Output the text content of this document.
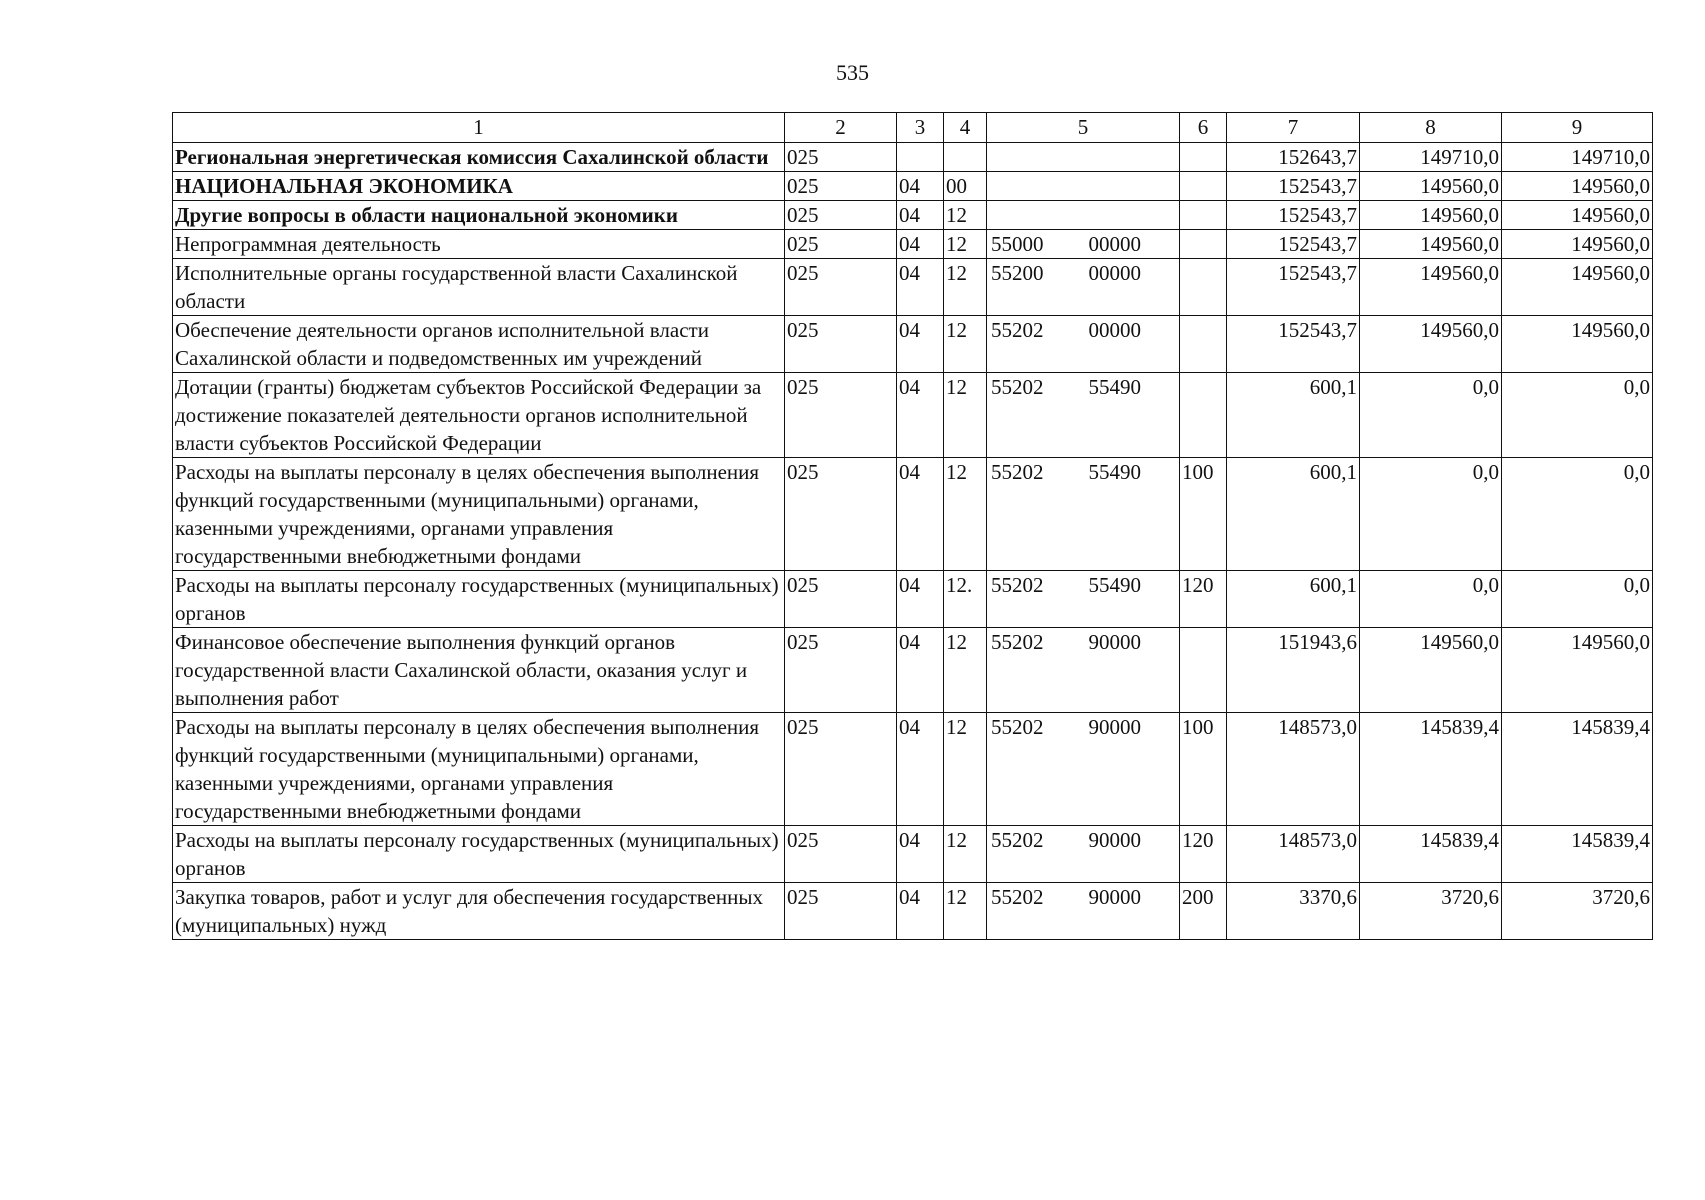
535
1	2	3	4	5	6	7	8	9
Региональная энергетическая комиссия Сахалинской области	025					152643,7	149710,0	149710,0
НАЦИОНАЛЬНАЯ ЭКОНОМИКА	025	04	00			152543,7	149560,0	149560,0
Другие вопросы в области национальной экономики	025	04	12			152543,7	149560,0	149560,0
Непрограммная деятельность	025	04	12	55000 00000		152543,7	149560,0	149560,0
Исполнительные органы государственной власти Сахалинской области	025	04	12	55200 00000		152543,7	149560,0	149560,0
Обеспечение деятельности органов исполнительной власти Сахалинской области и подведомственных им учреждений	025	04	12	55202 00000		152543,7	149560,0	149560,0
Дотации (гранты) бюджетам субъектов Российской Федерации за достижение показателей деятельности органов исполнительной власти субъектов Российской Федерации	025	04	12	55202 55490		600,1	0,0	0,0
Расходы на выплаты персоналу в целях обеспечения выполнения функций государственными (муниципальными) органами, казенными учреждениями, органами управления государственными внебюджетными фондами	025	04	12	55202 55490	100	600,1	0,0	0,0
Расходы на выплаты персоналу государственных (муниципальных) органов	025	04	12.	55202 55490	120	600,1	0,0	0,0
Финансовое обеспечение выполнения функций органов государственной власти Сахалинской области, оказания услуг и выполнения работ	025	04	12	55202 90000		151943,6	149560,0	149560,0
Расходы на выплаты персоналу в целях обеспечения выполнения функций государственными (муниципальными) органами, казенными учреждениями, органами управления государственными внебюджетными фондами	025	04	12	55202 90000	100	148573,0	145839,4	145839,4
Расходы на выплаты персоналу государственных (муниципальных) органов	025	04	12	55202 90000	120	148573,0	145839,4	145839,4
Закупка товаров, работ и услуг для обеспечения государственных (муниципальных) нужд	025	04	12	55202 90000	200	3370,6	3720,6	3720,6
